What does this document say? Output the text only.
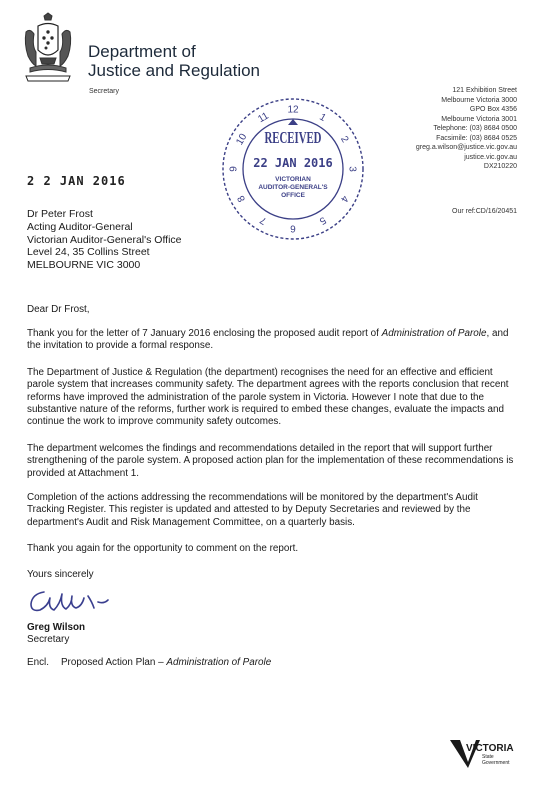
Department of
Justice and Regulation
Secretary	121 Exhibition Street
Melbourne Victoria 3000
GPO Box 4356
Melbourne Victoria 3001
Telephone: (03) 8684 0500
Facsimile: (03) 8684 0525
greg.a.wilson@justice.vic.gov.au
justice.vic.gov.au
DX210220
Our ref:CD/16/20451
12
1
2
3
4
5
6
7
8
9
10
11
RECEIVED
22 JAN 2016
VICTORIAN
AUDITOR-GENERAL'S
OFFICE
2 2 JAN 2016
Dr Peter Frost
Acting Auditor-General
Victorian Auditor-General's Office
Level 24, 35 Collins Street
MELBOURNE VIC 3000

Dear Dr Frost,

Thank you for the letter of 7 January 2016 enclosing the proposed audit report of Administration of Parole, and the invitation to provide a formal response.

The Department of Justice & Regulation (the department) recognises the need for an effective and efficient parole system that increases community safety. The department agrees with the reports conclusion that recent reforms have improved the administration of the parole system in Victoria. However I note that due to the substantive nature of the reforms, further work is required to embed these changes, evaluate the impacts and continue the work to improve community safety outcomes.

The department welcomes the findings and recommendations detailed in the report that will support further strengthening of the parole system. A proposed action plan for the implementation of these recommendations is provided at Attachment 1.

Completion of the actions addressing the recommendations will be monitored by the department's Audit Tracking Register. This register is updated and attested to by Deputy Secretaries and reviewed by the department's Audit and Risk Management Committee, on a quarterly basis.

Thank you again for the opportunity to comment on the report.

Yours sincerely
Greg Wilson
Secretary
Encl. Proposed Action Plan – Administration of Parole
VICTORIA
State
Government
